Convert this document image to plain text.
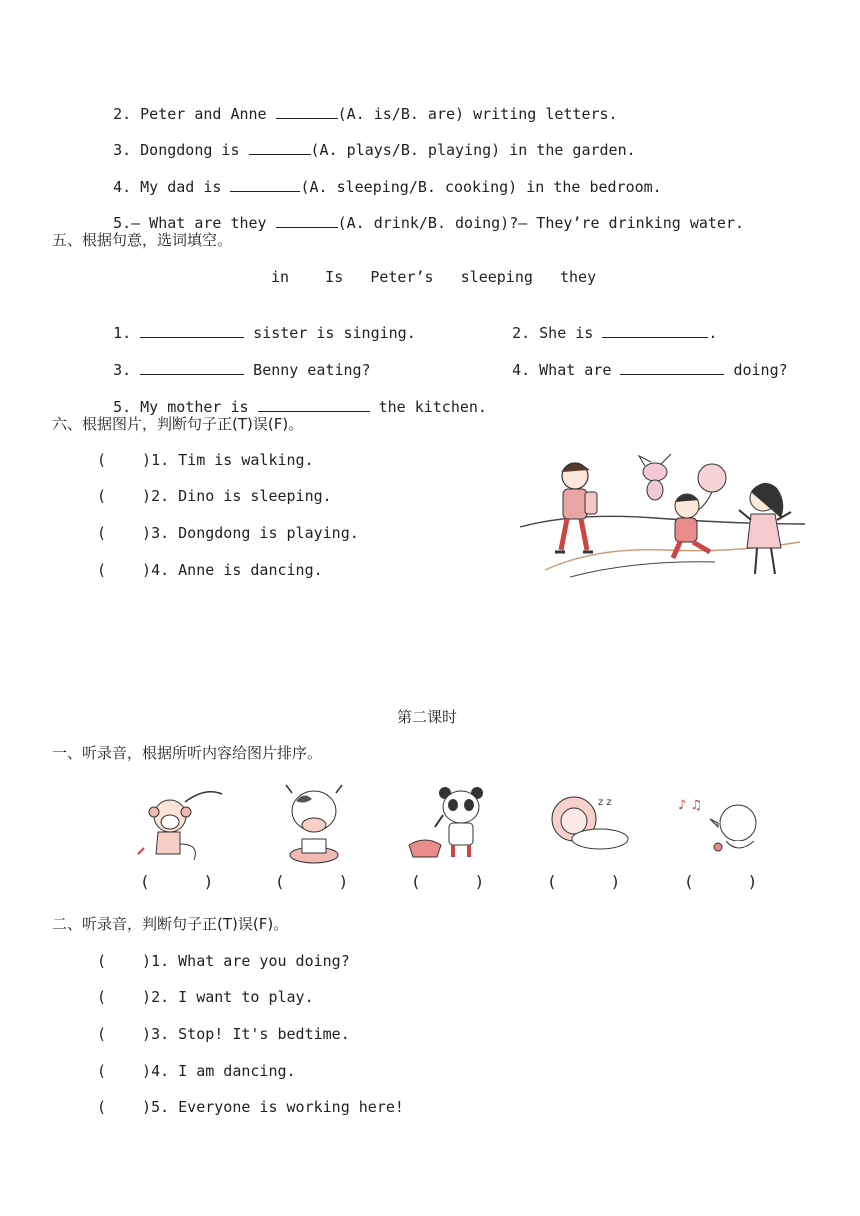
2. Peter and Anne	(A. is/B. are) writing letters.

3. Dongdong is	(A. plays/B. playing) in the garden.

4. My dad is	(A. sleeping/B. cooking) in the bedroom.

5.— What are they	(A. drink/B. doing)?— They’re drinking water.

五、根据句意，选词填空。
in    Is   Peter’s   sleeping   they

1.	sister is singing.	2. She is	.

3.	Benny eating?	4. What are	doing?

5. My mother is	the kitchen.

六、根据图片，判断句子正(T)误(F)。
( )1. Tim is walking.
( )2. Dino is sleeping.
( )3. Dongdong is playing.
( )4. Anne is dancing.
第二课时
一、听录音，根据所听内容给图片排序。
z z	♪ ♫
(	)	(	)	(	)	(	)	(	)
二、听录音，判断句子正(T)误(F)。
( )1. What are you doing?
( )2. I want to play.
( )3. Stop! It's bedtime.
( )4. I am dancing.
( )5. Everyone is working here!
